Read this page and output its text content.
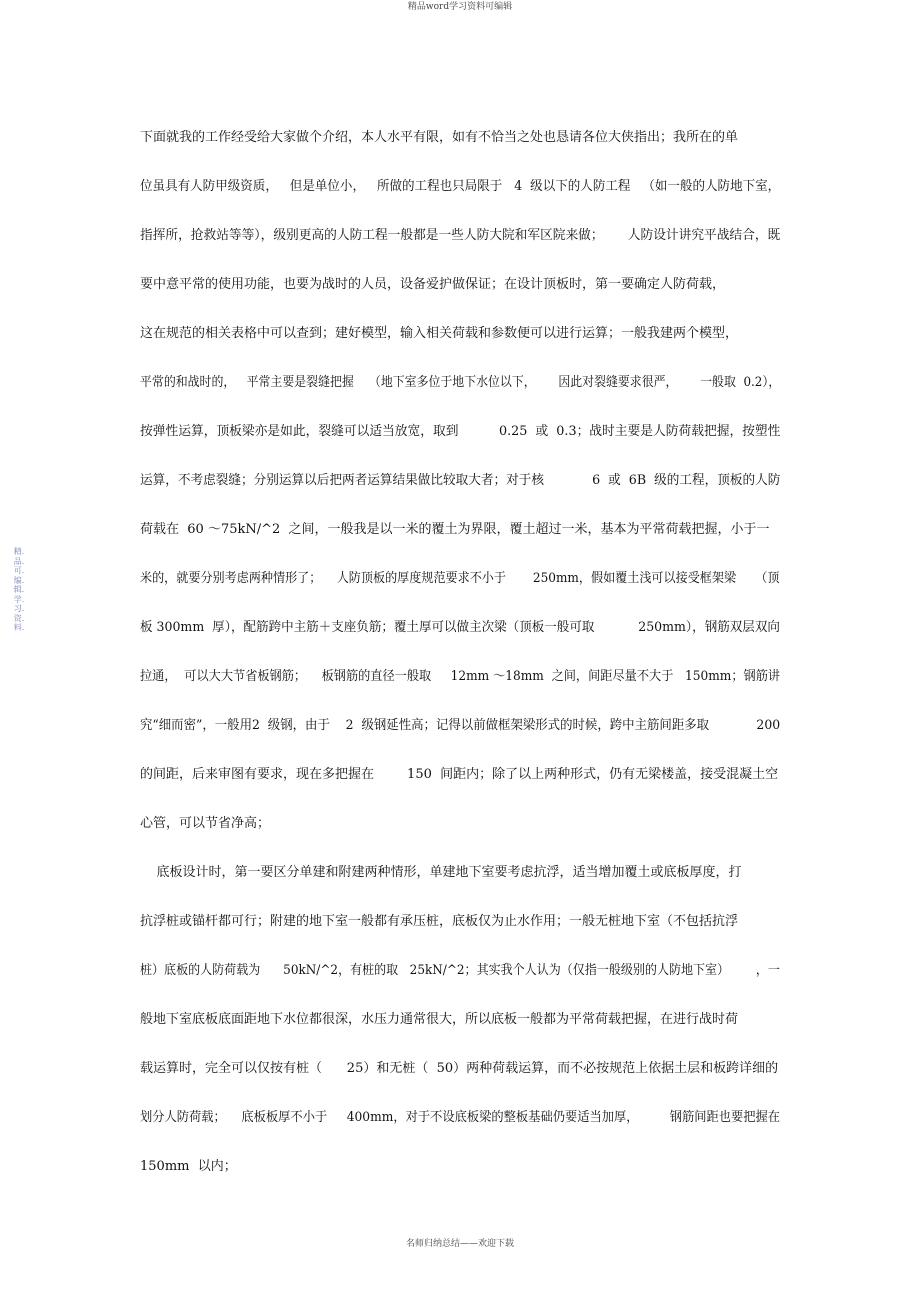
精品word学习资料可编辑
精.品.可.编.辑.学.习.资.料.
下面就我的工作经受给大家做个介绍，本人水平有限，如有不恰当之处也恳请各位大侠指出；我所在的单
位虽具有人防甲级资质，   但是单位小，   所做的工程也只局限于   4  级以下的人防工程   （如一般的人防地下室，
指挥所，抢救站等等），级别更高的人防工程一般都是一些人防大院和军区院来做；      人防设计讲究平战结合，既
要中意平常的使用功能，也要为战时的人员，设备爱护做保证；在设计顶板时，第一要确定人防荷载，
这在规范的相关表格中可以查到；建好模型，输入相关荷载和参数便可以进行运算；一般我建两个模型，
平常的和战时的，   平常主要是裂缝把握    （地下室多位于地下水位以下，      因此对裂缝要求很严，      一般取  0.2），
按弹性运算，顶板梁亦是如此，裂缝可以适当放宽，取到          0.25  或  0.3；战时主要是人防荷载把握，按塑性
运算，不考虑裂缝；分别运算以后把两者运算结果做比较取大者；对于核            6  或  6B  级的工程，顶板的人防
荷载在  60 ～75kN/^2  之间，一般我是以一米的覆土为界限，覆土超过一米，基本为平常荷载把握，小于一
米的，就要分别考虑两种情形了；    人防顶板的厚度规范要求不小于       250mm，假如覆土浅可以接受框架梁     （顶
板 300mm  厚），配筋跨中主筋＋支座负筋；覆土厚可以做主次梁（顶板一般可取           250mm），钢筋双层双向
拉通，  可以大大节省板钢筋；    板钢筋的直径一般取     12mm ～18mm  之间，间距尽量不大于   150mm；钢筋讲
究“细而密”，一般用2  级钢，由于    2  级钢延性高；记得以前做框架梁形式的时候，跨中主筋间距多取            200
的间距，后来审图有要求，现在多把握在        150  间距内；除了以上两种形式，仍有无梁楼盖，接受混凝土空
心管，可以节省净高；
底板设计时，第一要区分单建和附建两种情形，单建地下室要考虑抗浮，适当增加覆土或底板厚度，打
抗浮桩或锚杆都可行；附建的地下室一般都有承压桩，底板仅为止水作用；一般无桩地下室（不包括抗浮
桩）底板的人防荷载为      50kN/^2，有桩的取   25kN/^2；其实我个人认为（仅指一般级别的人防地下室）       ，一
般地下室底板底面距地下水位都很深，水压力通常很大，所以底板一般都为平常荷载把握，在进行战时荷
载运算时，完全可以仅按有桩（      25）和无桩（  50）两种荷载运算，而不必按规范上依据土层和板跨详细的
划分人防荷载；    底板板厚不小于     400mm，对于不设底板梁的整板基础仍要适当加厚，        钢筋间距也要把握在
150mm  以内；
名师归纳总结——欢迎下载
